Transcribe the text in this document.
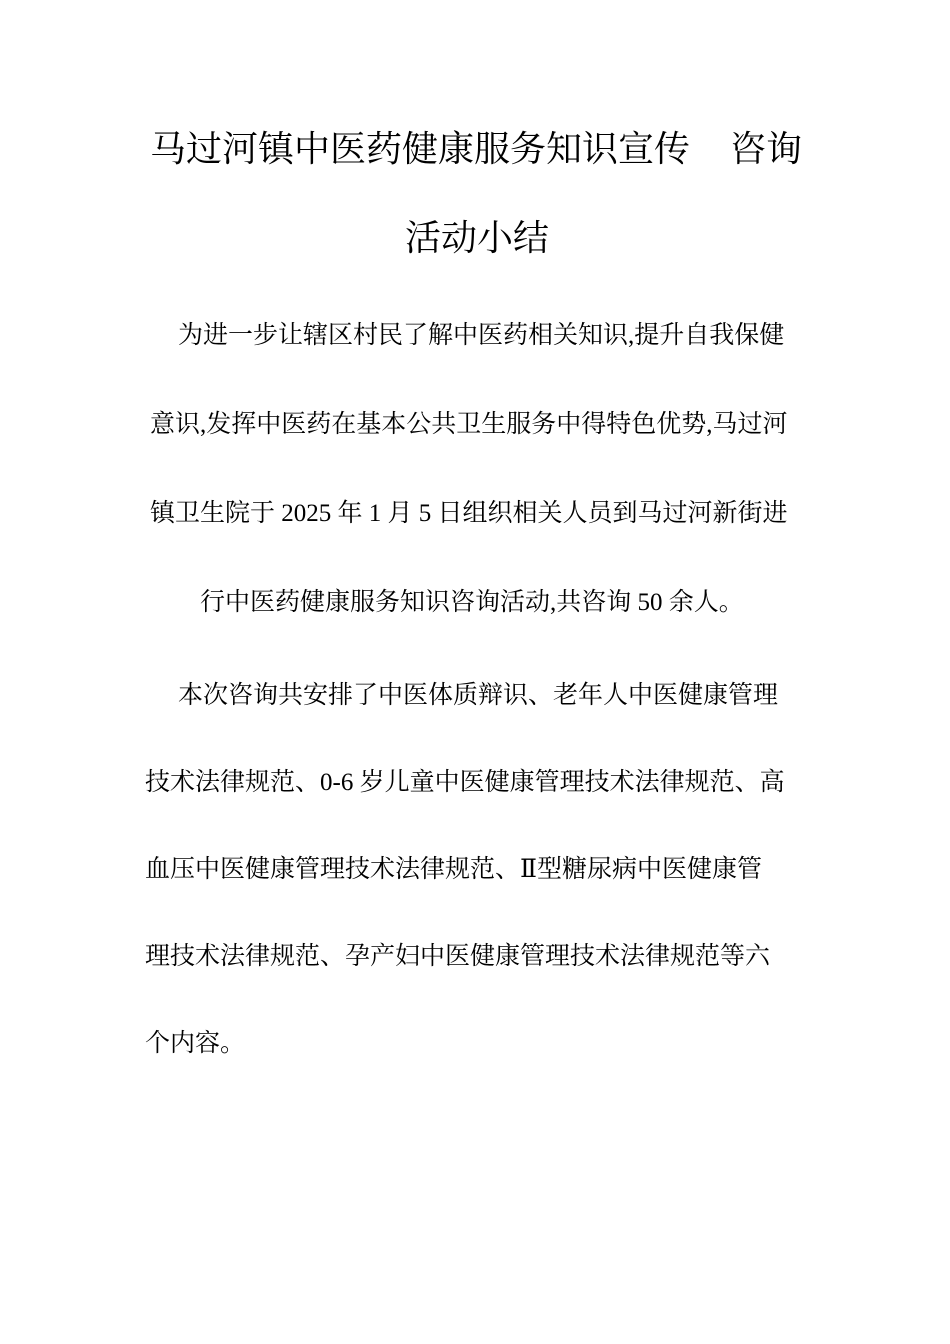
马过河镇中医药健康服务知识宣传 咨询
活动小结
为进一步让辖区村民了解中医药相关知识,提升自我保健
意识,发挥中医药在基本公共卫生服务中得特色优势,马过河
镇卫生院于 2025 年 1 月 5 日组织相关人员到马过河新街进
行中医药健康服务知识咨询活动,共咨询 50 余人。
本次咨询共安排了中医体质辩识、老年人中医健康管理
技术法律规范、0-6 岁儿童中医健康管理技术法律规范、高
血压中医健康管理技术法律规范、Ⅱ型糖尿病中医健康管
理技术法律规范、孕产妇中医健康管理技术法律规范等六
个内容。
